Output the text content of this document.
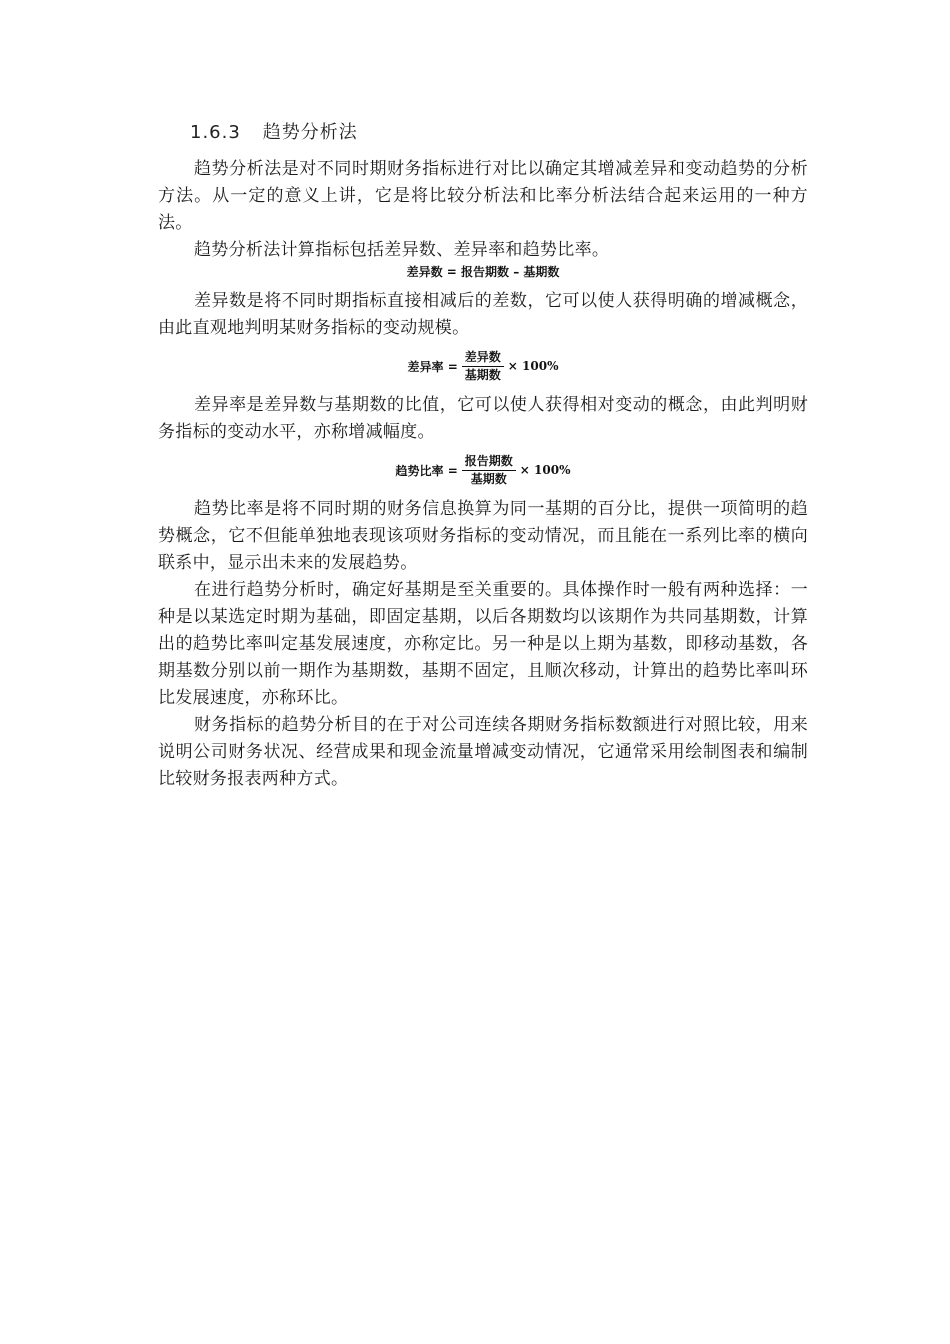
1.6.3 趋势分析法

趋势分析法是对不同时期财务指标进行对比以确定其增减差异和变动趋势的分析方法。从一定的意义上讲，它是将比较分析法和比率分析法结合起来运用的一种方法。

趋势分析法计算指标包括差异数、差异率和趋势比率。

差异数 = 报告期数 – 基期数

差异数是将不同时期指标直接相减后的差数，它可以使人获得明确的增减概念，由此直观地判明某财务指标的变动规模。

差异率 = $\frac{\text{差异数}}{\text{基期数}} \times 100\%$

差异率是差异数与基期数的比值，它可以使人获得相对变动的概念，由此判明财务指标的变动水平，亦称增减幅度。

趋势比率 = $\frac{\text{报告期数}}{\text{基期数}} \times 100\%$

趋势比率是将不同时期的财务信息换算为同一基期的百分比，提供一项简明的趋势概念，它不但能单独地表现该项财务指标的变动情况，而且能在一系列比率的横向联系中，显示出未来的发展趋势。

在进行趋势分析时，确定好基期是至关重要的。具体操作时一般有两种选择：一种是以某选定时期为基础，即固定基期，以后各期数均以该期作为共同基期数，计算出的趋势比率叫定基发展速度，亦称定比。另一种是以上期为基数，即移动基数，各期基数分别以前一期作为基期数，基期不固定，且顺次移动，计算出的趋势比率叫环比发展速度，亦称环比。

财务指标的趋势分析目的在于对公司连续各期财务指标数额进行对照比较，用来说明公司财务状况、经营成果和现金流量增减变动情况，它通常采用绘制图表和编制比较财务报表两种方式。
